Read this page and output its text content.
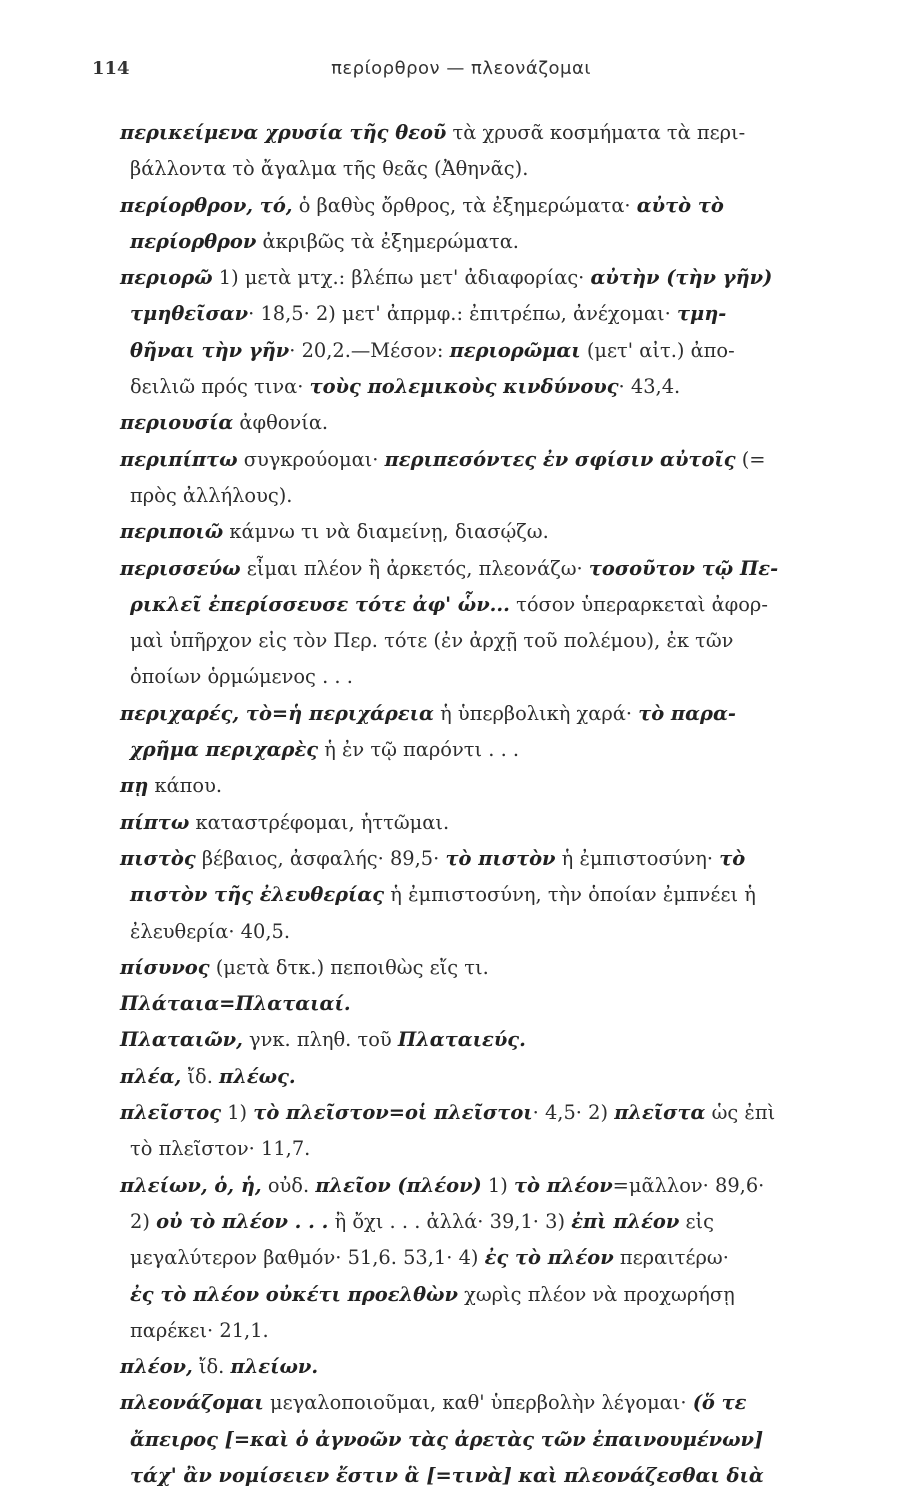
114	περίορθρον — πλεονάζομαι
περικείμενα χρυσία τῆς θεοῦ τὰ χρυσᾶ κοσμήματα τὰ περι-
βάλλοντα τὸ ἄγαλμα τῆς θεᾶς (Ἀθηνᾶς).
περίορθρον, τό, ὁ βαθὺς ὄρθρος, τὰ ἐξημερώματα· αὐτὸ τὸ
περίορθρον ἀκριβῶς τὰ ἐξημερώματα.
περιορῶ 1) μετὰ μτχ.: βλέπω μετ' ἀδιαφορίας· αὐτὴν (τὴν γῆν)
τμηθεῖσαν· 18,5· 2) μετ' ἀπρμφ.: ἐπιτρέπω, ἀνέχομαι· τμη-
θῆναι τὴν γῆν· 20,2.—Μέσον: περιορῶμαι (μετ' αἰτ.) ἀπο-
δειλιῶ πρός τινα· τοὺς πολεμικοὺς κινδύνους· 43,4.
περιουσία ἀφθονία.
περιπίπτω συγκρούομαι· περιπεσόντες ἐν σφίσιν αὐτοῖς (=
πρὸς ἀλλήλους).
περιποιῶ κάμνω τι νὰ διαμείνῃ, διασῴζω.
περισσεύω εἶμαι πλέον ἢ ἀρκετός, πλεονάζω· τοσοῦτον τῷ Πε-
ρικλεῖ ἐπερίσσευσε τότε ἀφ' ὧν... τόσον ὑπεραρκεταὶ ἀφορ-
μαὶ ὑπῆρχον εἰς τὸν Περ. τότε (ἐν ἀρχῇ τοῦ πολέμου), ἐκ τῶν
ὁποίων ὁρμώμενος . . .
περιχαρές, τὸ=ἡ περιχάρεια ἡ ὑπερβολικὴ χαρά· τὸ παρα-
χρῆμα περιχαρὲς ἡ ἐν τῷ παρόντι . . .
πῃ κάπου.
πίπτω καταστρέφομαι, ἡττῶμαι.
πιστὸς βέβαιος, ἀσφαλής· 89,5· τὸ πιστὸν ἡ ἐμπιστοσύνη· τὸ
πιστὸν τῆς ἐλευθερίας ἡ ἐμπιστοσύνη, τὴν ὁποίαν ἐμπνέει ἡ
ἐλευθερία· 40,5.
πίσυνος (μετὰ δτκ.) πεποιθὼς εἴς τι.
Πλάταια=Πλαταιαί.
Πλαταιῶν, γνκ. πληθ. τοῦ Πλαταιεύς.
πλέα, ἴδ. πλέως.
πλεῖστος 1) τὸ πλεῖστον=οἱ πλεῖστοι· 4,5· 2) πλεῖστα ὡς ἐπὶ
τὸ πλεῖστον· 11,7.
πλείων, ὁ, ἡ, οὐδ. πλεῖον (πλέον) 1) τὸ πλέον=μᾶλλον· 89,6·
2) οὐ τὸ πλέον . . . ἢ ὄχι . . . ἀλλά· 39,1· 3) ἐπὶ πλέον εἰς
μεγαλύτερον βαθμόν· 51,6. 53,1· 4) ἐς τὸ πλέον περαιτέρω·
ἐς τὸ πλέον οὐκέτι προελθὼν χωρὶς πλέον νὰ προχωρήσῃ
παρέκει· 21,1.
πλέον, ἴδ. πλείων.
πλεονάζομαι μεγαλοποιοῦμαι, καθ' ὑπερβολὴν λέγομαι· (ὅ τε
ἄπειρος [=καὶ ὁ ἀγνοῶν τὰς ἀρετὰς τῶν ἐπαινουμένων]
τάχ' ἂν νομίσειεν ἔστιν ἃ [=τινὰ] καὶ πλεονάζεσθαι διὰ
